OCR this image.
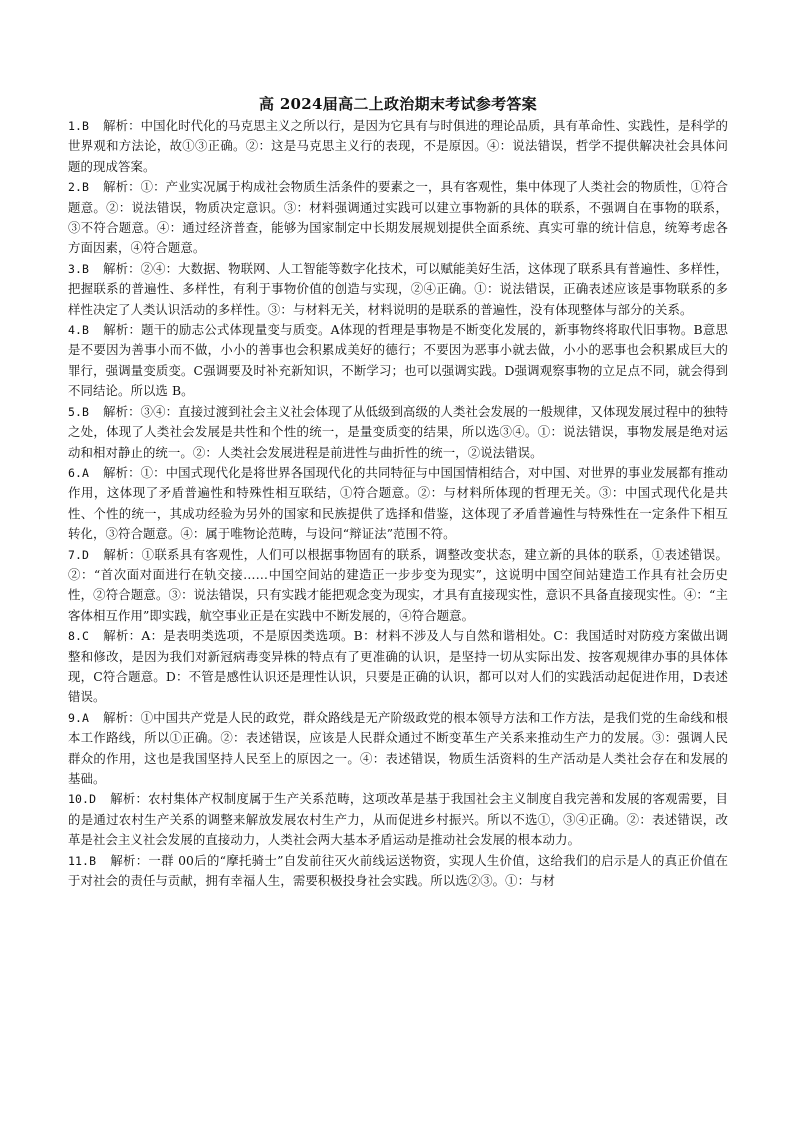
高 2024届高二上政治期末考试参考答案
1.B 解析：中国化时代化的马克思主义之所以行，是因为它具有与时俱进的理论品质，具有革命性、实践性，是科学的世界观和方法论，故①③正确。②：这是马克思主义行的表现，不是原因。④：说法错误，哲学不提供解决社会具体问题的现成答案。
2.B 解析：①：产业实况属于构成社会物质生活条件的要素之一，具有客观性，集中体现了人类社会的物质性，①符合题意。②：说法错误，物质决定意识。③：材料强调通过实践可以建立事物新的具体的联系，不强调自在事物的联系，③不符合题意。④：通过经济普查，能够为国家制定中长期发展规划提供全面系统、真实可靠的统计信息，统筹考虑各方面因素，④符合题意。
3.B 解析：②④：大数据、物联网、人工智能等数字化技术，可以赋能美好生活，这体现了联系具有普遍性、多样性，把握联系的普遍性、多样性，有利于事物价值的创造与实现，②④正确。①：说法错误，正确表述应该是事物联系的多样性决定了人类认识活动的多样性。③：与材料无关，材料说明的是联系的普遍性，没有体现整体与部分的关系。
4.B 解析：题干的励志公式体现量变与质变。A体现的哲理是事物是不断变化发展的，新事物终将取代旧事物。B意思是不要因为善事小而不做，小小的善事也会积累成美好的德行；不要因为恶事小就去做，小小的恶事也会积累成巨大的罪行，强调量变质变。C强调要及时补充新知识，不断学习；也可以强调实践。D强调观察事物的立足点不同，就会得到不同结论。所以选 B。
5.B 解析：③④：直接过渡到社会主义社会体现了从低级到高级的人类社会发展的一般规律，又体现发展过程中的独特之处，体现了人类社会发展是共性和个性的统一，是量变质变的结果，所以选③④。①：说法错误，事物发展是绝对运动和相对静止的统一。②：人类社会发展进程是前进性与曲折性的统一，②说法错误。
6.A 解析：①：中国式现代化是将世界各国现代化的共同特征与中国国情相结合，对中国、对世界的事业发展都有推动作用，这体现了矛盾普遍性和特殊性相互联结，①符合题意。②：与材料所体现的哲理无关。③：中国式现代化是共性、个性的统一，其成功经验为另外的国家和民族提供了选择和借鉴，这体现了矛盾普遍性与特殊性在一定条件下相互转化，③符合题意。④：属于唯物论范畴，与设问“辩证法”范围不符。
7.D 解析：①联系具有客观性，人们可以根据事物固有的联系，调整改变状态，建立新的具体的联系，①表述错误。②：“首次面对面进行在轨交接……中国空间站的建造正一步步变为现实”，这说明中国空间站建造工作具有社会历史性，②符合题意。③：说法错误，只有实践才能把观念变为现实，才具有直接现实性，意识不具备直接现实性。④：“主客体相互作用”即实践，航空事业正是在实践中不断发展的，④符合题意。
8.C 解析：A：是表明类选项，不是原因类选项。B：材料不涉及人与自然和谐相处。C：我国适时对防疫方案做出调整和修改，是因为我们对新冠病毒变异株的特点有了更准确的认识，是坚持一切从实际出发、按客观规律办事的具体体现，C符合题意。D：不管是感性认识还是理性认识，只要是正确的认识，都可以对人们的实践活动起促进作用，D表述错误。
9.A 解析：①中国共产党是人民的政党，群众路线是无产阶级政党的根本领导方法和工作方法，是我们党的生命线和根本工作路线，所以①正确。②：表述错误，应该是人民群众通过不断变革生产关系来推动生产力的发展。③：强调人民群众的作用，这也是我国坚持人民至上的原因之一。④：表述错误，物质生活资料的生产活动是人类社会存在和发展的基础。
10.D 解析：农村集体产权制度属于生产关系范畴，这项改革是基于我国社会主义制度自我完善和发展的客观需要，目的是通过农村生产关系的调整来解放发展农村生产力，从而促进乡村振兴。所以不选①，③④正确。②：表述错误，改革是社会主义社会发展的直接动力，人类社会两大基本矛盾运动是推动社会发展的根本动力。
11.B 解析：一群 00后的“摩托骑士”自发前往灭火前线运送物资，实现人生价值，这给我们的启示是人的真正价值在于对社会的责任与贡献，拥有幸福人生，需要积极投身社会实践。所以选②③。①：与材
